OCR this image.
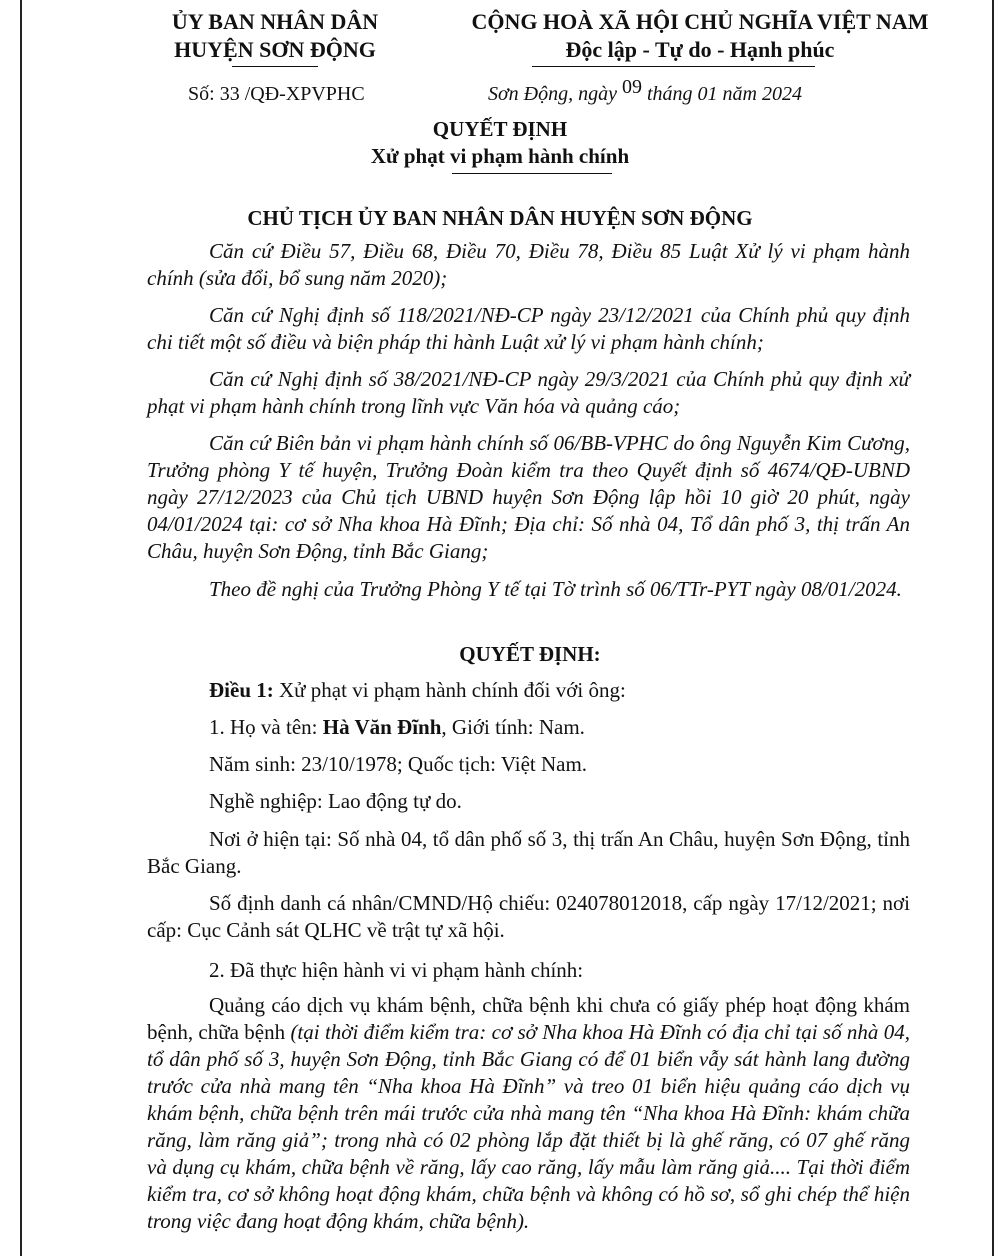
ỦY BAN NHÂN DÂN
HUYỆN SƠN ĐỘNG
CỘNG HOÀ XÃ HỘI CHỦ NGHĨA VIỆT NAM
Độc lập - Tự do - Hạnh phúc
Số: 33 /QĐ-XPVPHC	Sơn Động, ngày 09 tháng 01 năm 2024
QUYẾT ĐỊNH
Xử phạt vi phạm hành chính
CHỦ TỊCH ỦY BAN NHÂN DÂN HUYỆN SƠN ĐỘNG
Căn cứ Điều 57, Điều 68, Điều 70, Điều 78, Điều 85 Luật Xử lý vi phạm hành chính (sửa đổi, bổ sung năm 2020);
Căn cứ Nghị định số 118/2021/NĐ-CP ngày 23/12/2021 của Chính phủ quy định chi tiết một số điều và biện pháp thi hành Luật xử lý vi phạm hành chính;
Căn cứ Nghị định số 38/2021/NĐ-CP ngày 29/3/2021 của Chính phủ quy định xử phạt vi phạm hành chính trong lĩnh vực Văn hóa và quảng cáo;
Căn cứ Biên bản vi phạm hành chính số 06/BB-VPHC do ông Nguyễn Kim Cương, Trưởng phòng Y tế huyện, Trưởng Đoàn kiểm tra theo Quyết định số 4674/QĐ-UBND ngày 27/12/2023 của Chủ tịch UBND huyện Sơn Động lập hồi 10 giờ 20 phút, ngày 04/01/2024 tại: cơ sở Nha khoa Hà Đĩnh; Địa chỉ: Số nhà 04, Tổ dân phố 3, thị trấn An Châu, huyện Sơn Động, tỉnh Bắc Giang;
Theo đề nghị của Trưởng Phòng Y tế tại Tờ trình số 06/TTr-PYT ngày 08/01/2024.
QUYẾT ĐỊNH:
Điều 1: Xử phạt vi phạm hành chính đối với ông:
1. Họ và tên: Hà Văn Đĩnh, Giới tính: Nam.
Năm sinh: 23/10/1978; Quốc tịch: Việt Nam.
Nghề nghiệp: Lao động tự do.
Nơi ở hiện tại: Số nhà 04, tổ dân phố số 3, thị trấn An Châu, huyện Sơn Động, tỉnh Bắc Giang.
Số định danh cá nhân/CMND/Hộ chiếu: 024078012018, cấp ngày 17/12/2021; nơi cấp: Cục Cảnh sát QLHC về trật tự xã hội.
2. Đã thực hiện hành vi vi phạm hành chính:
Quảng cáo dịch vụ khám bệnh, chữa bệnh khi chưa có giấy phép hoạt động khám bệnh, chữa bệnh (tại thời điểm kiểm tra: cơ sở Nha khoa Hà Đĩnh có địa chỉ tại số nhà 04, tổ dân phố số 3, huyện Sơn Động, tỉnh Bắc Giang có để 01 biển vẫy sát hành lang đường trước cửa nhà mang tên “Nha khoa Hà Đĩnh” và treo 01 biển hiệu quảng cáo dịch vụ khám bệnh, chữa bệnh trên mái trước cửa nhà mang tên “Nha khoa Hà Đĩnh: khám chữa răng, làm răng giả”; trong nhà có 02 phòng lắp đặt thiết bị là ghế răng, có 07 ghế răng và dụng cụ khám, chữa bệnh về răng, lấy cao răng, lấy mẫu làm răng giả.... Tại thời điểm kiểm tra, cơ sở không hoạt động khám, chữa bệnh và không có hồ sơ, sổ ghi chép thể hiện trong việc đang hoạt động khám, chữa bệnh).
